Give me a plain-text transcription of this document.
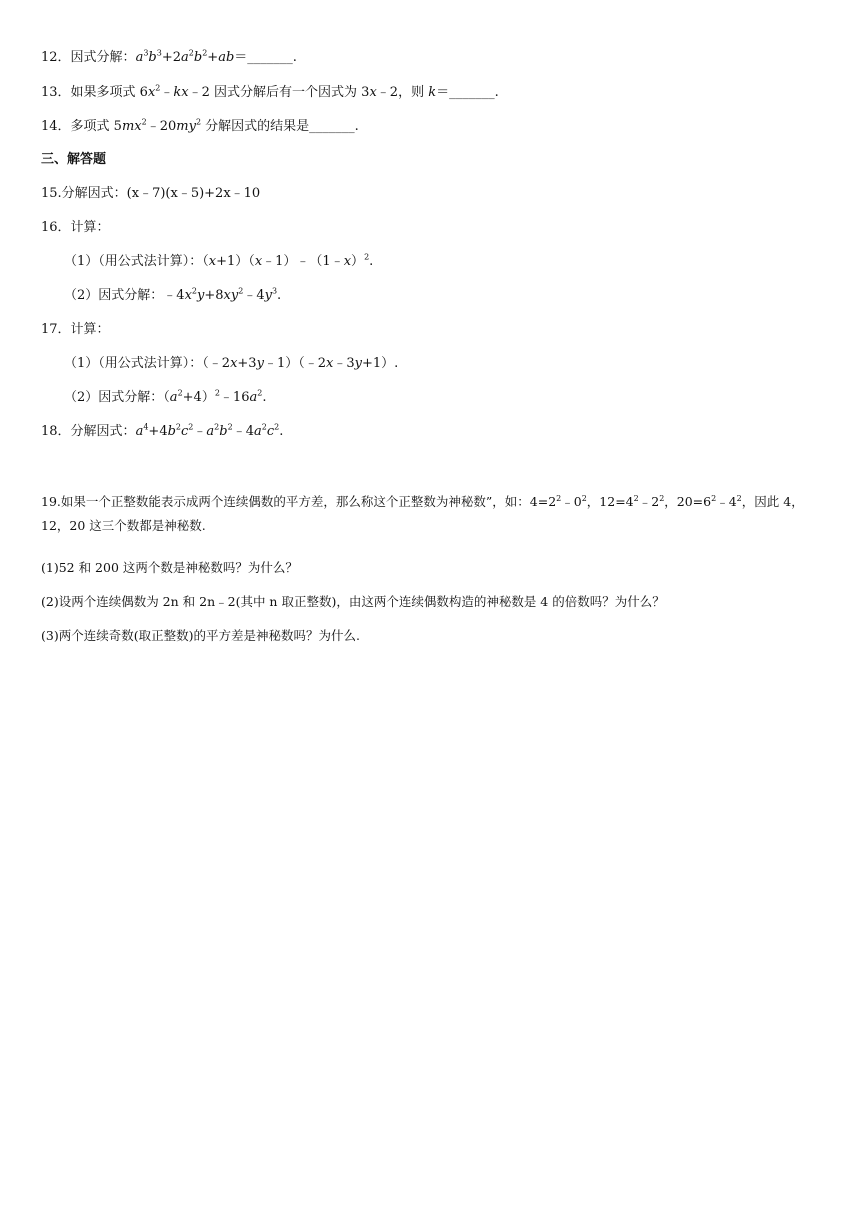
12．因式分解：$a^3b^3+2a^2b^2+ab=\_\_\_\_\_\_\_$.
13．如果多项式 $6x^2﹣kx﹣2$ 因式分解后有一个因式为 3x﹣2，则 k＝_______.
14．多项式 $5mx^2﹣20my^2$ 分解因式的结果是_______.
三、解答题
15.分解因式：(x﹣7)(x﹣5)+2x﹣10
16．计算：
（1）（用公式法计算）：（x+1）（x﹣1）﹣（1﹣x）$^2$.
（2）因式分解：$﹣4x^2y+8xy^2﹣4y^3$.
17．计算：
（1）（用公式法计算）：（﹣2x+3y﹣1）（﹣2x﹣3y+1）.
（2）因式分解：$(a^2+4)^2﹣16a^2$.
18．分解因式：$a^4+4b^2c^2﹣a^2b^2﹣4a^2c^2$.
19.如果一个正整数能表示成两个连续偶数的平方差，那么称这个正整数为神秘数”，如：$4=2^2﹣0^2$，$12=4^2﹣2^2$，$20=6^2﹣4^2$，因此 4，12，20 这三个数都是神秘数.
(1)52 和 200 这两个数是神秘数吗？为什么？
(2)设两个连续偶数为 2n 和 2n﹣2(其中 n 取正整数)，由这两个连续偶数构造的神秘数是 4 的倍数吗？为什么？
(3)两个连续奇数(取正整数)的平方差是神秘数吗？为什么.
